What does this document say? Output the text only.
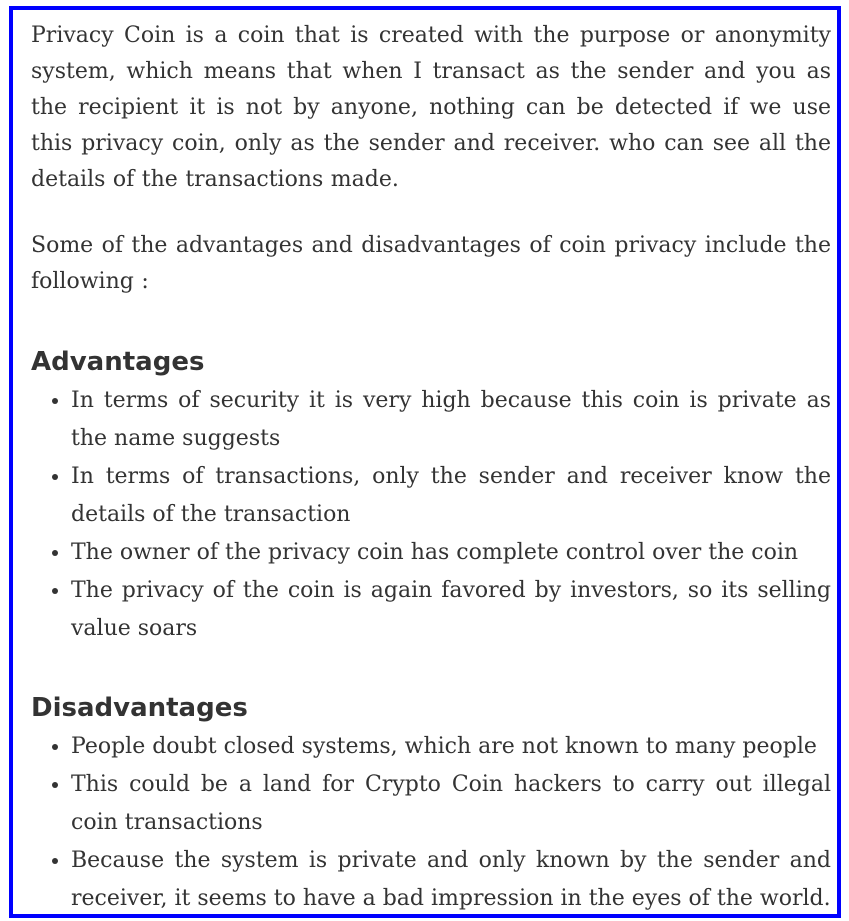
Privacy Coin is a coin that is created with the purpose or anonymity system, which means that when I transact as the sender and you as the recipient it is not by anyone, nothing can be detected if we use this privacy coin, only as the sender and receiver. who can see all the details of the transactions made.

Some of the advantages and disadvantages of coin privacy include the following :

Advantages
• In terms of security it is very high because this coin is private as the name suggests
• In terms of transactions, only the sender and receiver know the details of the transaction
• The owner of the privacy coin has complete control over the coin
• The privacy of the coin is again favored by investors, so its selling value soars
Disadvantages
• People doubt closed systems, which are not known to many people
• This could be a land for Crypto Coin hackers to carry out illegal coin transactions
• Because the system is private and only known by the sender and receiver, it seems to have a bad impression in the eyes of the world.
